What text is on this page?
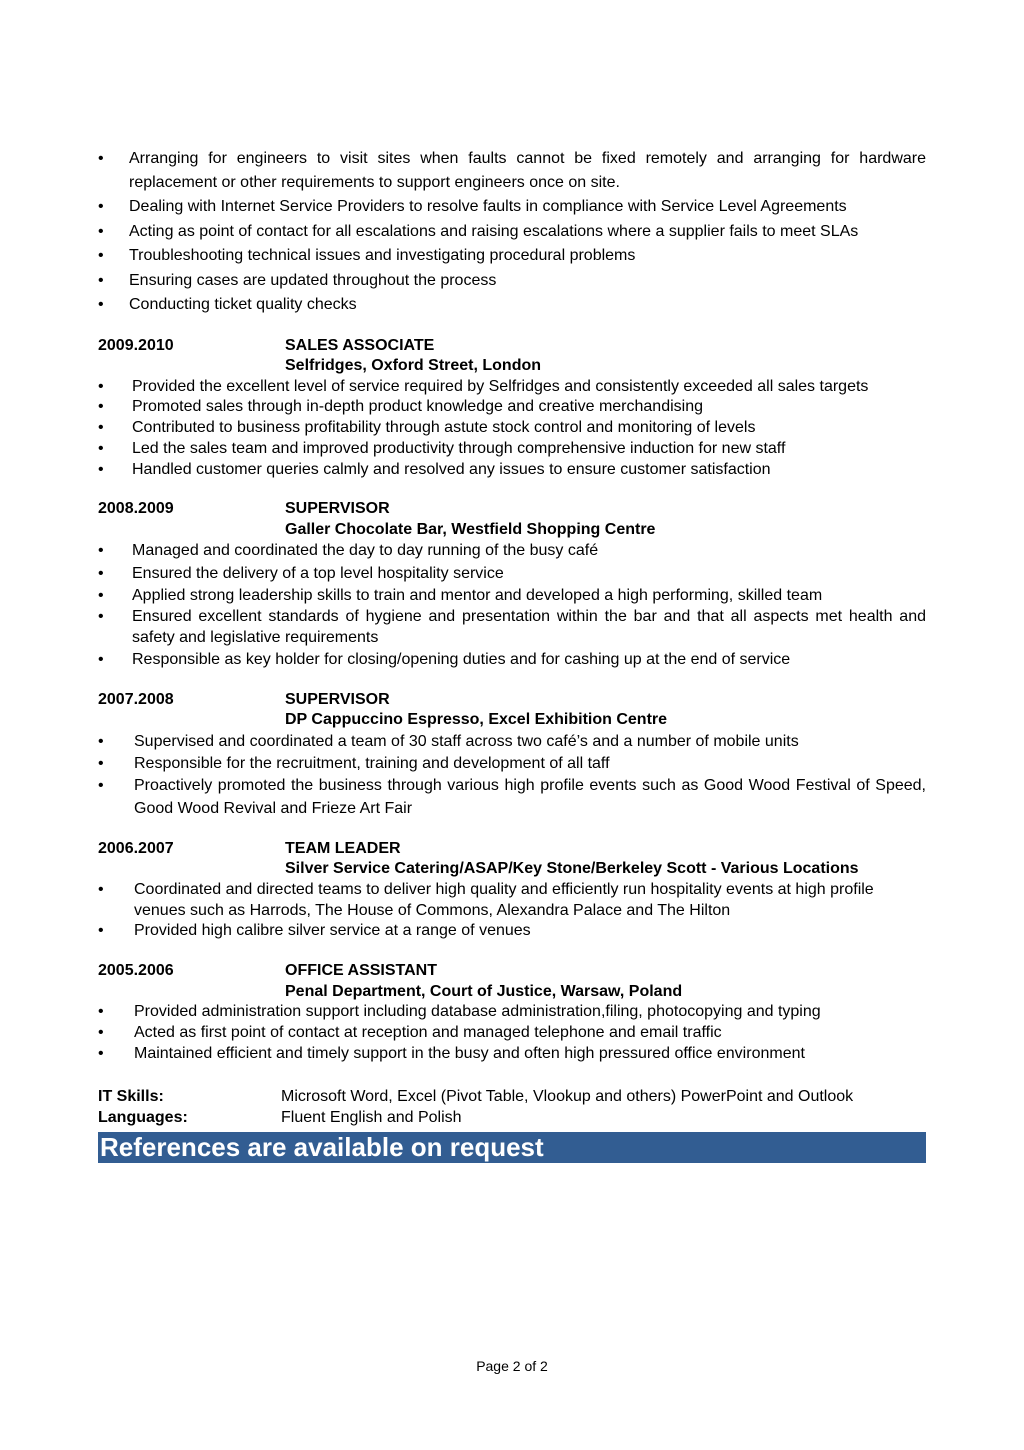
• Arranging for engineers to visit sites when faults cannot be fixed remotely and arranging for hardware replacement or other requirements to support engineers once on site.
• Dealing with Internet Service Providers to resolve faults in compliance with Service Level Agreements
• Acting as point of contact for all escalations and raising escalations where a supplier fails to meet SLAs
• Troubleshooting technical issues and investigating procedural problems
• Ensuring cases are updated throughout the process
• Conducting ticket quality checks
2009.2010	SALES ASSOCIATE
Selfridges, Oxford Street, London
• Provided the excellent level of service required by Selfridges and consistently exceeded all sales targets
• Promoted sales through in-depth product knowledge and creative merchandising
• Contributed to business profitability through astute stock control and monitoring of levels
• Led the sales team and improved productivity through comprehensive induction for new staff
• Handled customer queries calmly and resolved any issues to ensure customer satisfaction
2008.2009	SUPERVISOR
Galler Chocolate Bar, Westfield Shopping Centre
• Managed and coordinated the day to day running of the busy café
• Ensured the delivery of a top level hospitality service
• Applied strong leadership skills to train and mentor and developed a high performing, skilled team
• Ensured excellent standards of hygiene and presentation within the bar and that all aspects met health and safety and legislative requirements
• Responsible as key holder for closing/opening duties and for cashing up at the end of service
2007.2008	SUPERVISOR
DP Cappuccino Espresso, Excel Exhibition Centre
• Supervised and coordinated a team of 30 staff across two café’s and a number of mobile units
• Responsible for the recruitment, training and development of all taff
• Proactively promoted the business through various high profile events such as Good Wood Festival of Speed, Good Wood Revival and Frieze Art Fair
2006.2007	TEAM LEADER
Silver Service Catering/ASAP/Key Stone/Berkeley Scott - Various Locations
• Coordinated and directed teams to deliver high quality and efficiently run hospitality events at high profile venues such as Harrods, The House of Commons, Alexandra Palace and The Hilton
• Provided high calibre silver service at a range of venues
2005.2006	OFFICE ASSISTANT
Penal Department, Court of Justice, Warsaw, Poland
• Provided administration support including database administration,filing, photocopying and typing
• Acted as first point of contact at reception and managed telephone and email traffic
• Maintained efficient and timely support in the busy and often high pressured office environment
IT Skills:	Microsoft Word, Excel (Pivot Table, Vlookup and others) PowerPoint and Outlook
Languages:	Fluent English and Polish
References are available on request
Page 2 of 2
